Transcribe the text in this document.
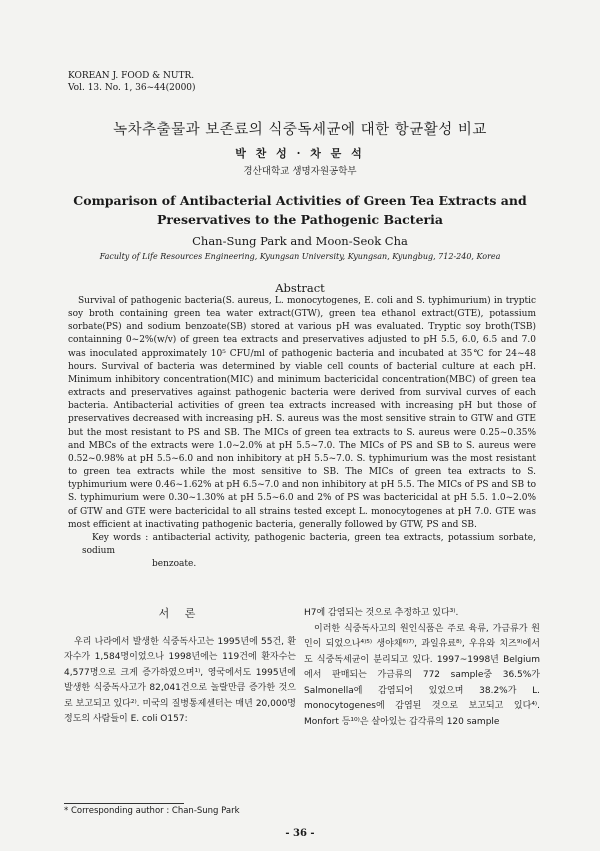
KOREAN J. FOOD & NUTR.
Vol. 13. No. 1, 36~44(2000)
녹차추출물과 보존료의 식중독세균에 대한 항균활성 비교
박 찬 성 · 차 문 석
경산대학교 생명자원공학부
Comparison of Antibacterial Activities of Green Tea Extracts and
Preservatives to the Pathogenic Bacteria
Chan-Sung Park and Moon-Seok Cha
Faculty of Life Resources Engineering, Kyungsan University, Kyungsan, Kyungbug, 712-240, Korea
Abstract

Survival of pathogenic bacteria(S. aureus, L. monocytogenes, E. coli and S. typhimurium) in tryptic soy broth containing green tea water extract(GTW), green tea ethanol extract(GTE), potassium sorbate(PS) and sodium benzoate(SB) stored at various pH was evaluated. Tryptic soy broth(TSB) containning 0~2%(w/v) of green tea extracts and preservatives adjusted to pH 5.5, 6.0, 6.5 and 7.0 was inoculated approximately 10⁵ CFU/ml of pathogenic bacteria and incubated at 35℃ for 24~48 hours. Survival of bacteria was determined by viable cell counts of bacterial culture at each pH. Minimum inhibitory concentration(MIC) and minimum bactericidal concentration(MBC) of green tea extracts and preservatives against pathogenic bacteria were derived from survival curves of each bacteria. Antibacterial activities of green tea extracts increased with increasing pH but those of preservatives decreased with increasing pH. S. aureus was the most sensitive strain to GTW and GTE but the most resistant to PS and SB. The MICs of green tea extracts to S. aureus were 0.25~0.35% and MBCs of the extracts were 1.0~2.0% at pH 5.5~7.0. The MICs of PS and SB to S. aureus were 0.52~0.98% at pH 5.5~6.0 and non inhibitory at pH 5.5~7.0. S. typhimurium was the most resistant to green tea extracts while the most sensitive to SB. The MICs of green tea extracts to S. typhimurium were 0.46~1.62% at pH 6.5~7.0 and non inhibitory at pH 5.5. The MICs of PS and SB to S. typhimurium were 0.30~1.30% at pH 5.5~6.0 and 2% of PS was bactericidal at pH 5.5. 1.0~2.0% of GTW and GTE were bactericidal to all strains tested except L. monocytogenes at pH 7.0. GTE was most efficient at inactivating pathogenic bacteria, generally followed by GTW, PS and SB.

Key words : antibacterial activity, pathogenic bacteria, green tea extracts, potassium sorbate, sodium
benzoate.

서 론

우리 나라에서 발생한 식중독사고는 1995년에 55건, 환자수가 1,584명이었으나 1998년에는 119건에 환자수는 4,577명으로 크게 증가하였으며¹⁾, 영국에서도 1995년에 발생한 식중독사고가 82,041건으로 놀랄만큼 증가한 것으로 보고되고 있다²⁾. 미국의 질병통제센터는 매년 20,000명 정도의 사람들이 E. coli O157:

H7에 감염되는 것으로 추정하고 있다³⁾.

이러한 식중독사고의 원인식품은 주로 육류, 가금류가 원인이 되었으나⁴⁾⁵⁾ 생야채⁶⁾⁷⁾, 과일유료⁸⁾, 우유와 치즈⁹⁾에서도 식중독세균이 분리되고 있다. 1997~1998년 Belgium에서 판매되는 가금류의 772 sample중 36.5%가 Salmonella에 감염되어 있었으며 38.2%가 L. monocytogenes에 감염된 것으로 보고되고 있다⁴⁾. Monfort 등¹⁰⁾은 살아있는 갑각류의 120 sample

* Corresponding author : Chan-Sung Park
- 36 -
